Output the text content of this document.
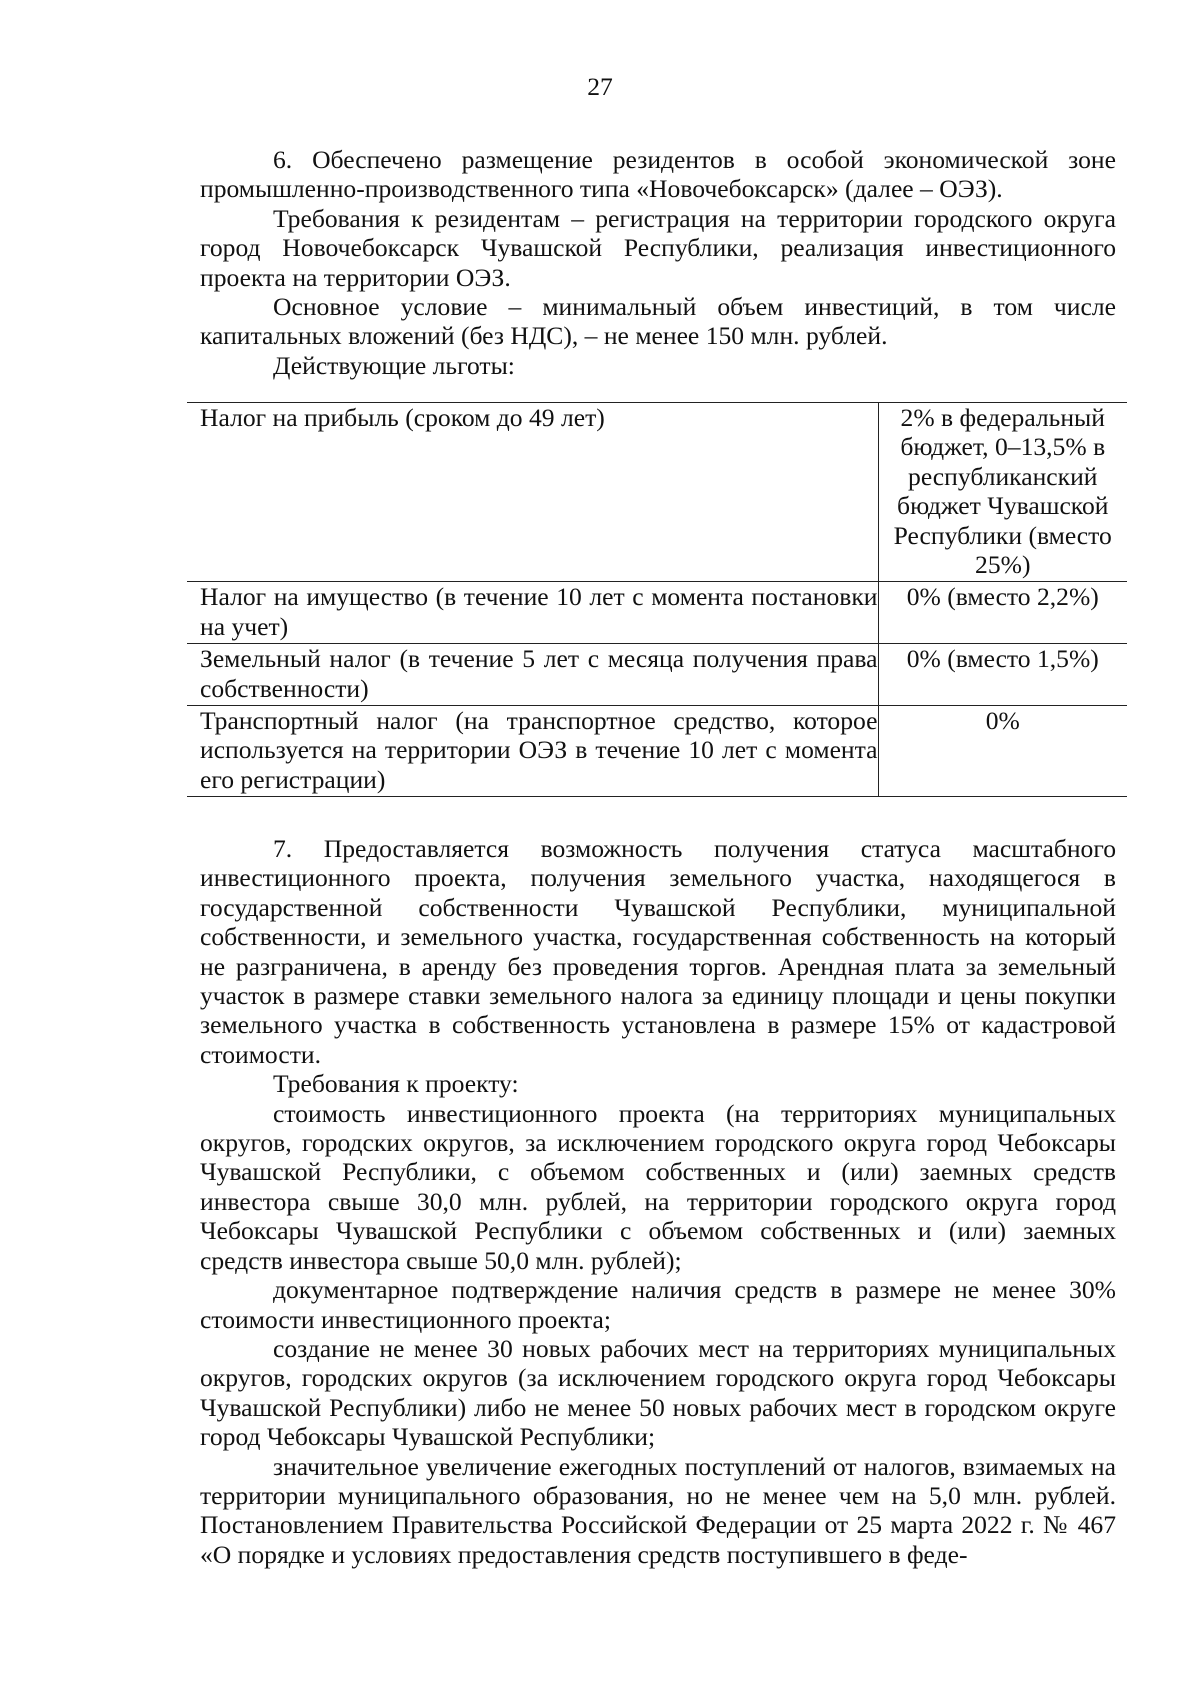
27

6. Обеспечено размещение резидентов в особой экономической зоне промышленно-производственного типа «Новочебоксарск» (далее – ОЭЗ).

Требования к резидентам – регистрация на территории городского округа город Новочебоксарск Чувашской Республики, реализация инвестиционного проекта на территории ОЭЗ.

Основное условие – минимальный объем инвестиций, в том числе капитальных вложений (без НДС), – не менее 150 млн. рублей.

Действующие льготы:

Налог на прибыль (сроком до 49 лет)	2% в федеральный бюджет, 0–13,5% в республиканский бюджет Чувашской Республики (вместо 25%)
Налог на имущество (в течение 10 лет с момента постановки на учет)	0% (вместо 2,2%)
Земельный налог (в течение 5 лет с месяца получения права собственности)	0% (вместо 1,5%)
Транспортный налог (на транспортное средство, которое используется на территории ОЭЗ в течение 10 лет с момента его регистрации)	0%

7. Предоставляется возможность получения статуса масштабного инвестиционного проекта, получения земельного участка, находящегося в государственной собственности Чувашской Республики, муниципальной собственности, и земельного участка, государственная собственность на который не разграничена, в аренду без проведения торгов. Арендная плата за земельный участок в размере ставки земельного налога за единицу площади и цены покупки земельного участка в собственность установлена в размере 15% от кадастровой стоимости.

Требования к проекту:

стоимость инвестиционного проекта (на территориях муниципальных округов, городских округов, за исключением городского округа город Чебоксары Чувашской Республики, с объемом собственных и (или) заемных средств инвестора свыше 30,0 млн. рублей, на территории городского округа город Чебоксары Чувашской Республики с объемом собственных и (или) заемных средств инвестора свыше 50,0 млн. рублей);

документарное подтверждение наличия средств в размере не менее 30% стоимости инвестиционного проекта;

создание не менее 30 новых рабочих мест на территориях муниципальных округов, городских округов (за исключением городского округа город Чебоксары Чувашской Республики) либо не менее 50 новых рабочих мест в городском округе город Чебоксары Чувашской Республики;

значительное увеличение ежегодных поступлений от налогов, взимаемых на территории муниципального образования, но не менее чем на 5,0 млн. рублей. Постановлением Правительства Российской Федерации от 25 марта 2022 г. № 467 «О порядке и условиях предоставления средств поступившего в феде-
